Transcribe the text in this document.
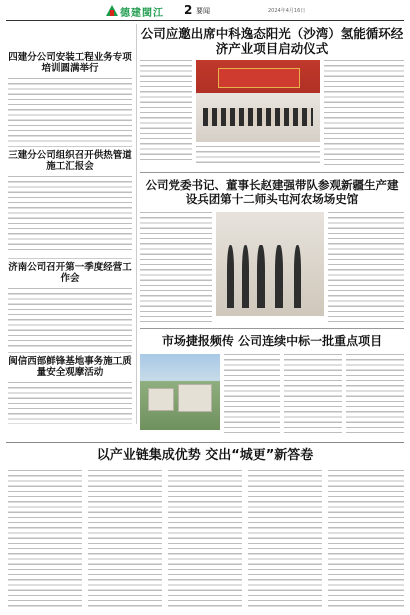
德建閩江 2 要闻	2024年4月16日
四建分公司安装工程业务专项培训圆满举行
三建分公司组织召开供热管道施工汇报会
济南公司召开第一季度经营工作会
闽信西部鲜锋基地事务施工质量安全观摩活动
公司应邀出席中科逸态阳光（沙湾）氢能循环经济产业项目启动仪式
公司党委书记、董事长赵建强带队参观新疆生产建设兵团第十二师头屯河农场场史馆
市场捷报频传 公司连续中标一批重点项目
以产业链集成优势 交出“城更”新答卷
